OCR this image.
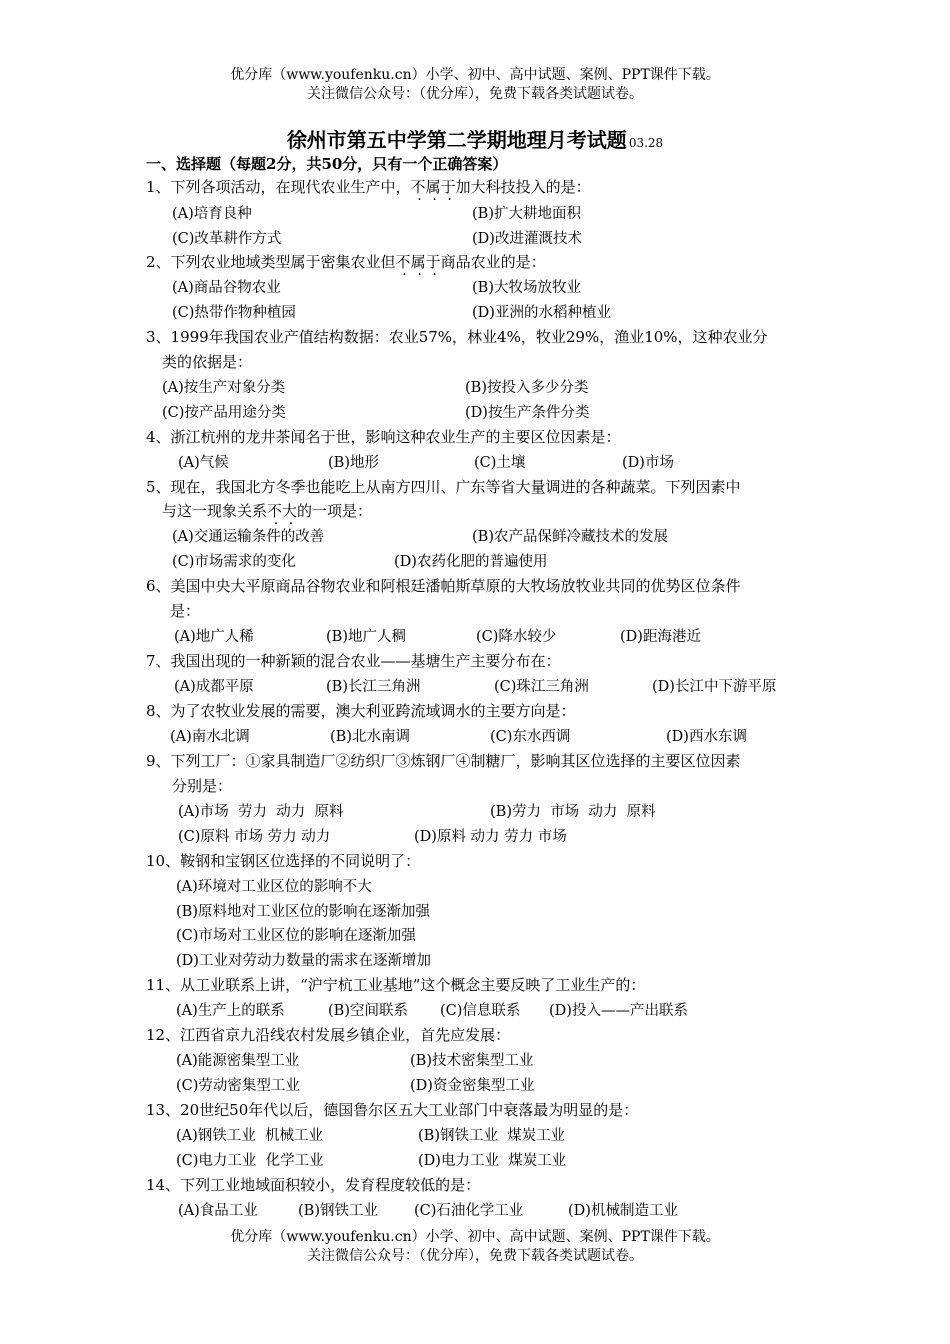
优分库（www.youfenku.cn）小学、初中、高中试题、案例、PPT课件下载。
关注微信公众号：（优分库），免费下载各类试题试卷。
徐州市第五中学第二学期地理月考试题 03.28
一、选择题（每题2分，共50分，只有一个正确答案）
1、下列各项活动，在现代农业生产中，不属于加大科技投入的是：
(A)培育良种	(B)扩大耕地面积
(C)改革耕作方式	(D)改进灌溉技术
2、下列农业地域类型属于密集农业但不属于商品农业的是：
(A)商品谷物农业	(B)大牧场放牧业
(C)热带作物种植园	(D)亚洲的水稻种植业
3、1999年我国农业产值结构数据：农业57%，林业4%，牧业29%，渔业10%，这种农业分
类的依据是：
(A)按生产对象分类	(B)按投入多少分类
(C)按产品用途分类	(D)按生产条件分类
4、浙江杭州的龙井茶闻名于世，影响这种农业生产的主要区位因素是：
(A)气候	(B)地形	(C)土壤	(D)市场
5、现在，我国北方冬季也能吃上从南方四川、广东等省大量调进的各种蔬菜。下列因素中
与这一现象关系不大的一项是：
(A)交通运输条件的改善	(B)农产品保鲜冷藏技术的发展
(C)市场需求的变化	(D)农药化肥的普遍使用
6、美国中央大平原商品谷物农业和阿根廷潘帕斯草原的大牧场放牧业共同的优势区位条件
是：
(A)地广人稀	(B)地广人稠	(C)降水较少	(D)距海港近
7、我国出现的一种新颖的混合农业——基塘生产主要分布在：
(A)成都平原	(B)长江三角洲	(C)珠江三角洲	(D)长江中下游平原
8、为了农牧业发展的需要，澳大利亚跨流域调水的主要方向是：
(A)南水北调	(B)北水南调	(C)东水西调	(D)西水东调
9、下列工厂：①家具制造厂②纺织厂③炼钢厂④制糖厂，影响其区位选择的主要区位因素
分别是：
(A)市场  劳力  动力  原料	(B)劳力  市场  动力  原料
(C)原料 市场 劳力 动力	(D)原料 动力 劳力 市场
10、鞍钢和宝钢区位选择的不同说明了：
(A)环境对工业区位的影响不大
(B)原料地对工业区位的影响在逐渐加强
(C)市场对工业区位的影响在逐渐加强
(D)工业对劳动力数量的需求在逐渐增加
11、从工业联系上讲，“沪宁杭工业基地”这个概念主要反映了工业生产的：
(A)生产上的联系	(B)空间联系 (C)信息联系 (D)投入——产出联系
12、江西省京九沿线农村发展乡镇企业，首先应发展：
(A)能源密集型工业	(B)技术密集型工业
(C)劳动密集型工业	(D)资金密集型工业
13、20世纪50年代以后，德国鲁尔区五大工业部门中衰落最为明显的是：
(A)钢铁工业  机械工业	(B)钢铁工业  煤炭工业
(C)电力工业  化学工业	(D)电力工业  煤炭工业
14、下列工业地域面积较小，发育程度较低的是：
(A)食品工业	(B)钢铁工业 (C)石油化学工业	(D)机械制造工业
优分库（www.youfenku.cn）小学、初中、高中试题、案例、PPT课件下载。
关注微信公众号：（优分库），免费下载各类试题试卷。
